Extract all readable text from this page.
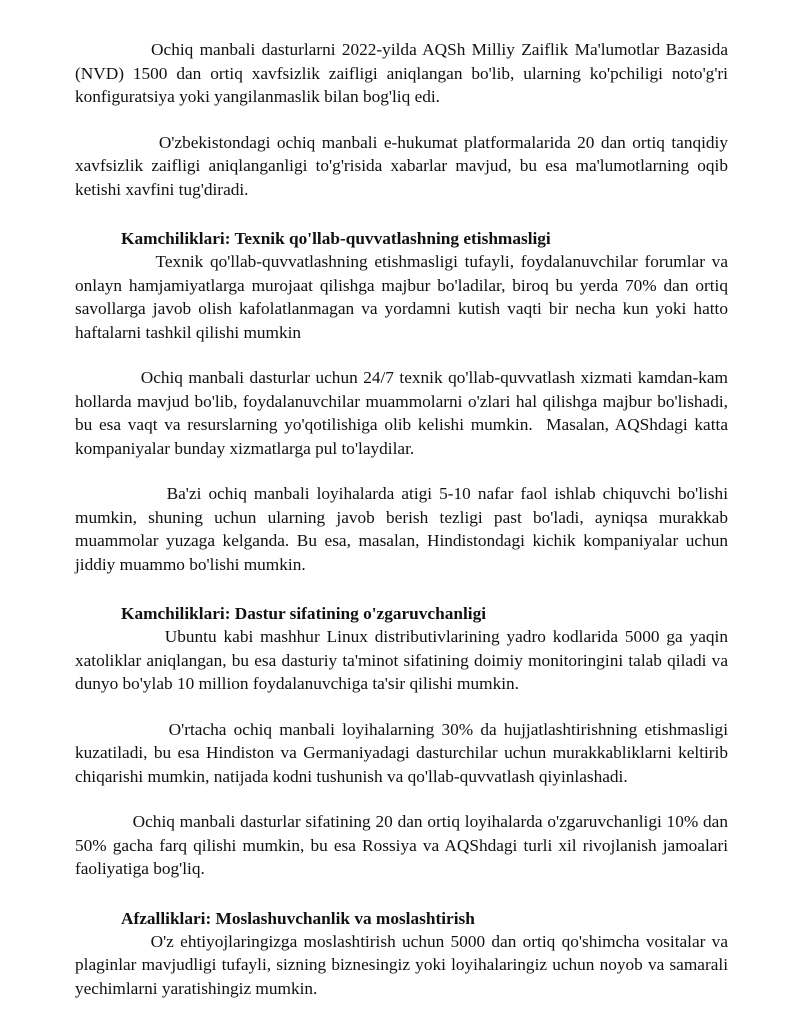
Ochiq manbali dasturlarni 2022-yilda AQSh Milliy Zaiflik Ma'lumotlar Bazasida (NVD) 1500 dan ortiq xavfsizlik zaifligi aniqlangan bo'lib, ularning ko'pchiligi noto'g'ri konfiguratsiya yoki yangilanmaslik bilan bog'liq edi.

O'zbekistondagi ochiq manbali e-hukumat platformalarida 20 dan ortiq tanqidiy xavfsizlik zaifligi aniqlanganligi to'g'risida xabarlar mavjud, bu esa ma'lumotlarning oqib ketishi xavfini tug'diradi.

Kamchiliklari: Texnik qo'llab-quvvatlashning etishmasligi

Texnik qo'llab-quvvatlashning etishmasligi tufayli, foydalanuvchilar forumlar va onlayn hamjamiyatlarga murojaat qilishga majbur bo'ladilar, biroq bu yerda 70% dan ortiq savollarga javob olish kafolatlanmagan va yordamni kutish vaqti bir necha kun yoki hatto haftalarni tashkil qilishi mumkin

Ochiq manbali dasturlar uchun 24/7 texnik qo'llab-quvvatlash xizmati kamdan-kam hollarda mavjud bo'lib, foydalanuvchilar muammolarni o'zlari hal qilishga majbur bo'lishadi, bu esa vaqt va resurslarning yo'qotilishiga olib kelishi mumkin.  Masalan, AQShdagi katta kompaniyalar bunday xizmatlarga pul to'laydilar.

Ba'zi ochiq manbali loyihalarda atigi 5-10 nafar faol ishlab chiquvchi bo'lishi mumkin, shuning uchun ularning javob berish tezligi past bo'ladi, ayniqsa murakkab muammolar yuzaga kelganda. Bu esa, masalan, Hindistondagi kichik kompaniyalar uchun jiddiy muammo bo'lishi mumkin.

Kamchiliklari: Dastur sifatining o'zgaruvchanligi

Ubuntu kabi mashhur Linux distributivlarining yadro kodlarida 5000 ga yaqin xatoliklar aniqlangan, bu esa dasturiy ta'minot sifatining doimiy monitoringini talab qiladi va dunyo bo'ylab 10 million foydalanuvchiga ta'sir qilishi mumkin.

O'rtacha ochiq manbali loyihalarning 30% da hujjatlashtirishning etishmasligi kuzatiladi, bu esa Hindiston va Germaniyadagi dasturchilar uchun murakkabliklarni keltirib chiqarishi mumkin, natijada kodni tushunish va qo'llab-quvvatlash qiyinlashadi.

Ochiq manbali dasturlar sifatining 20 dan ortiq loyihalarda o'zgaruvchanligi 10% dan 50% gacha farq qilishi mumkin, bu esa Rossiya va AQShdagi turli xil rivojlanish jamoalari faoliyatiga bog'liq.

Afzalliklari: Moslashuvchanlik va moslashtirish

O'z ehtiyojlaringizga moslashtirish uchun 5000 dan ortiq qo'shimcha vositalar va plaginlar mavjudligi tufayli, sizning biznesingiz yoki loyihalaringiz uchun noyob va samarali yechimlarni yaratishingiz mumkin.
